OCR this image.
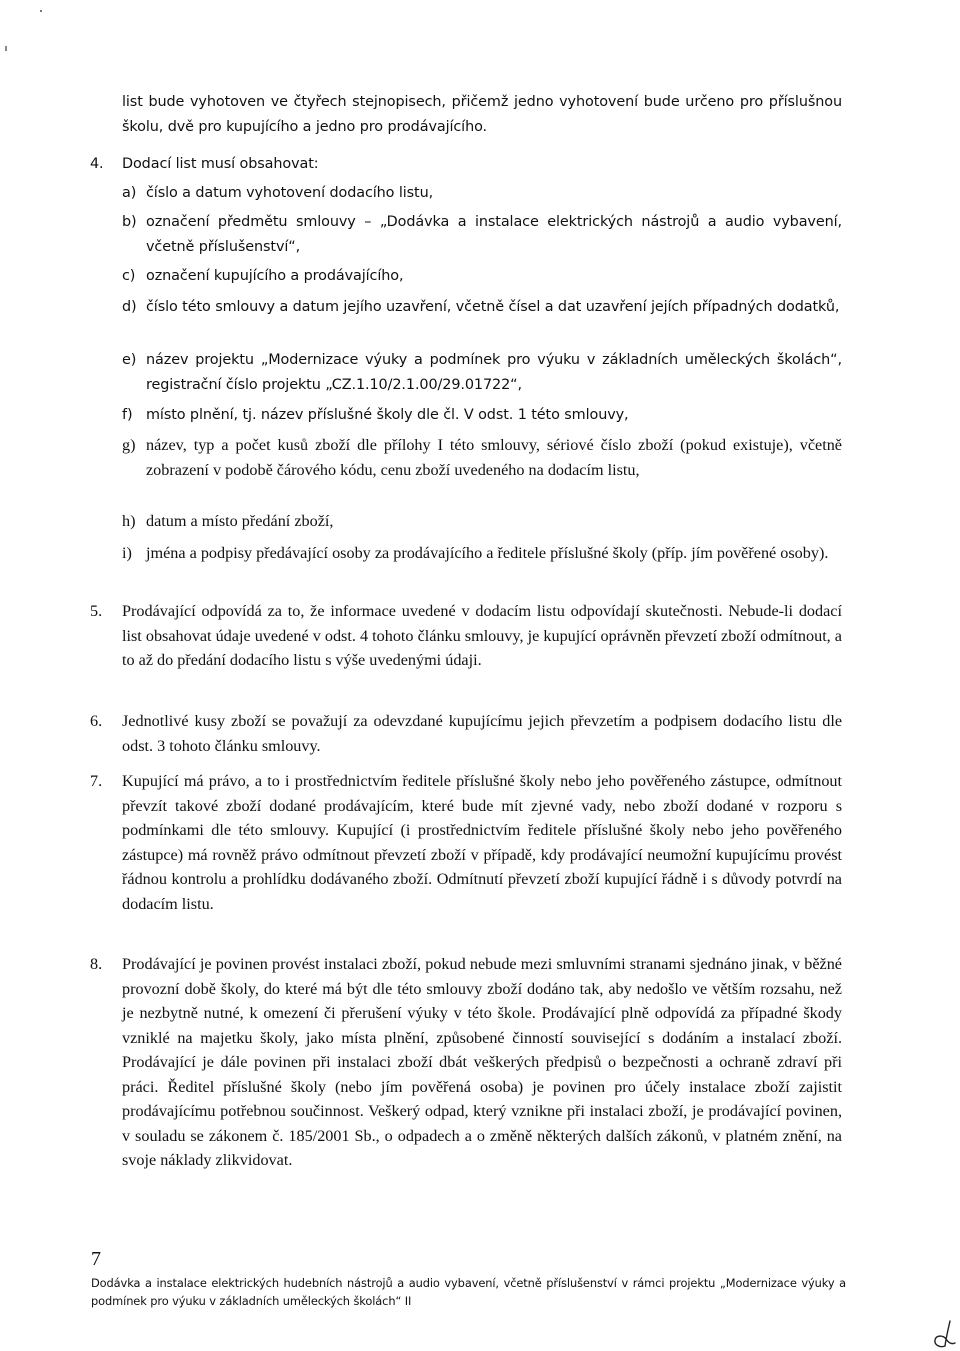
list bude vyhotoven ve čtyřech stejnopisech, přičemž jedno vyhotovení bude určeno pro příslušnou školu, dvě pro kupujícího a jedno pro prodávajícího.
4.	Dodací list musí obsahovat:
a) číslo a datum vyhotovení dodacího listu,
b) označení předmětu smlouvy – „Dodávka a instalace elektrických nástrojů a audio vybavení, včetně příslušenství“,
c) označení kupujícího a prodávajícího,
d) číslo této smlouvy a datum jejího uzavření, včetně čísel a dat uzavření jejích případných dodatků,
e) název projektu „Modernizace výuky a podmínek pro výuku v základních uměleckých školách“, registrační číslo projektu „CZ.1.10/2.1.00/29.01722“,
f) místo plnění, tj. název příslušné školy dle čl. V odst. 1 této smlouvy,
g) název, typ a počet kusů zboží dle přílohy I této smlouvy, sériové číslo zboží (pokud existuje), včetně zobrazení v podobě čárového kódu, cenu zboží uvedeného na dodacím listu,
h) datum a místo předání zboží,
i) jména a podpisy předávající osoby za prodávajícího a ředitele příslušné školy (příp. jím pověřené osoby).
5.	Prodávající odpovídá za to, že informace uvedené v dodacím listu odpovídají skutečnosti. Nebude-li dodací list obsahovat údaje uvedené v odst. 4 tohoto článku smlouvy, je kupující oprávněn převzetí zboží odmítnout, a to až do předání dodacího listu s výše uvedenými údaji.
6.	Jednotlivé kusy zboží se považují za odevzdané kupujícímu jejich převzetím a podpisem dodacího listu dle odst. 3 tohoto článku smlouvy.
7.	Kupující má právo, a to i prostřednictvím ředitele příslušné školy nebo jeho pověřeného zástupce, odmítnout převzít takové zboží dodané prodávajícím, které bude mít zjevné vady, nebo zboží dodané v rozporu s podmínkami dle této smlouvy. Kupující (i prostřednictvím ředitele příslušné školy nebo jeho pověřeného zástupce) má rovněž právo odmítnout převzetí zboží v případě, kdy prodávající neumožní kupujícímu provést řádnou kontrolu a prohlídku dodávaného zboží. Odmítnutí převzetí zboží kupující řádně i s důvody potvrdí na dodacím listu.
8.	Prodávající je povinen provést instalaci zboží, pokud nebude mezi smluvními stranami sjednáno jinak, v běžné provozní době školy, do které má být dle této smlouvy zboží dodáno tak, aby nedošlo ve větším rozsahu, než je nezbytně nutné, k omezení či přerušení výuky v této škole. Prodávající plně odpovídá za případné škody vzniklé na majetku školy, jako místa plnění, způsobené činností související s dodáním a instalací zboží. Prodávající je dále povinen při instalaci zboží dbát veškerých předpisů o bezpečnosti a ochraně zdraví při práci. Ředitel příslušné školy (nebo jím pověřená osoba) je povinen pro účely instalace zboží zajistit prodávajícímu potřebnou součinnost. Veškerý odpad, který vznikne při instalaci zboží, je prodávající povinen, v souladu se zákonem č. 185/2001 Sb., o odpadech a o změně některých dalších zákonů, v platném znění, na svoje náklady zlikvidovat.
7
Dodávka a instalace elektrických hudebních nástrojů a audio vybavení, včetně příslušenství v rámci projektu „Modernizace výuky a podmínek pro výuku v základních uměleckých školách“ II
